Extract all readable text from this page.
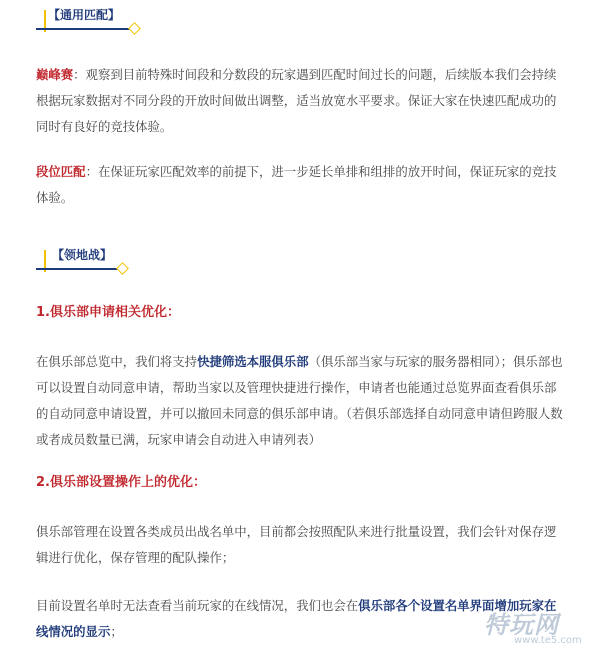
【通用匹配】
巅峰赛：观察到目前特殊时间段和分数段的玩家遇到匹配时间过长的问题，后续版本我们会持续根据玩家数据对不同分段的开放时间做出调整，适当放宽水平要求。保证大家在快速匹配成功的同时有良好的竞技体验。
段位匹配：在保证玩家匹配效率的前提下，进一步延长单排和组排的放开时间，保证玩家的竞技体验。
【领地战】
1.俱乐部申请相关优化：
在俱乐部总览中，我们将支持快捷筛选本服俱乐部（俱乐部当家与玩家的服务器相同）；俱乐部也可以设置自动同意申请，帮助当家以及管理快捷进行操作，申请者也能通过总览界面查看俱乐部的自动同意申请设置，并可以撤回未同意的俱乐部申请。（若俱乐部选择自动同意申请但跨服人数或者成员数量已满，玩家申请会自动进入申请列表）
2.俱乐部设置操作上的优化：
俱乐部管理在设置各类成员出战名单中，目前都会按照配队来进行批量设置，我们会针对保存逻辑进行优化，保存管理的配队操作；
目前设置名单时无法查看当前玩家的在线情况，我们也会在俱乐部各个设置名单界面增加玩家在线情况的显示；	特玩网
www.te5.com
